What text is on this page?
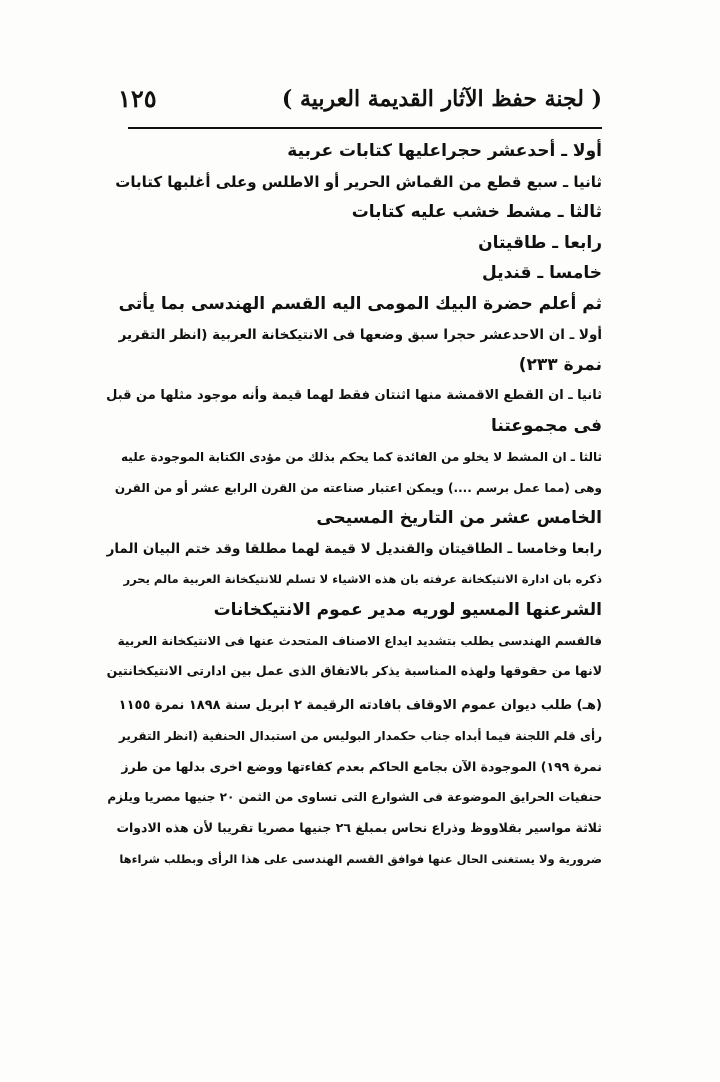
( لجنة حفظ الآثار القديمة العربية )
١٢٥
أولا ـ أحدعشر حجراعليها كتابات عربية
ثانيا ـ سبع قطع من القماش الحرير أو الاطلس وعلى أغلبها كتابات
ثالثا ـ مشط خشب عليه كتابات
رابعا ـ طاقيتان
خامسا ـ قنديل
ثم أعلم حضرة البيك المومى اليه القسم الهندسى بما يأتى
أولا ـ ان الاحدعشر حجرا سبق وضعها فى الانتيكخانة العربية (انظر التقرير
نمرة ٢٣٣)
ثانيا ـ ان القطع الاقمشة منها اثنتان فقط لهما قيمة وأنه موجود مثلها من قبل
فى مجموعتنا
ثالثا ـ ان المشط لا يخلو من الفائدة كما يحكم بذلك من مؤدى الكتابة الموجودة عليه
وهى (مما عمل برسم ....) ويمكن اعتبار صناعته من القرن الرابع عشر أو من القرن
الخامس عشر من التاريخ المسيحى
رابعا وخامسا ـ الطاقيتان والقنديل لا قيمة لهما مطلقا وقد ختم البيان المار
ذكره بان ادارة الانتيكخانة عرفته بان هذه الاشياء لا تسلم للانتيكخانة العربية مالم يحرر
الشرعنها المسيو لوريه مدير عموم الانتيكخانات
فالقسم الهندسى يطلب بتشديد ايداع الاصناف المتحدث عنها فى الانتيكخانة العربية
لانها من حقوقها ولهذه المناسبة يذكر بالاتفاق الذى عمل بين ادارتى الانتيكخانتين
(هـ) طلب ديوان عموم الاوقاف بافادته الرقيمة ٢ ابريل سنة ١٨٩٨ نمرة ١١٥٥
رأى قلم اللجنة فيما أبداه جناب حكمدار البوليس من استبدال الحنفية (انظر التقرير
نمرة ١٩٩) الموجودة الآن بجامع الحاكم بعدم كفاءتها ووضع اخرى بدلها من طرز
حنفيات الحرايق الموضوعة فى الشوارع التى تساوى من الثمن ٢٠ جنيها مصريا ويلزم
ثلاثة مواسير بقلاووظ وذراع نحاس بمبلغ ٢٦ جنيها مصريا تقريبا لأن هذه الادوات
ضرورية ولا يستغنى الحال عنها فوافق القسم الهندسى على هذا الرأى وبطلب شراءها
